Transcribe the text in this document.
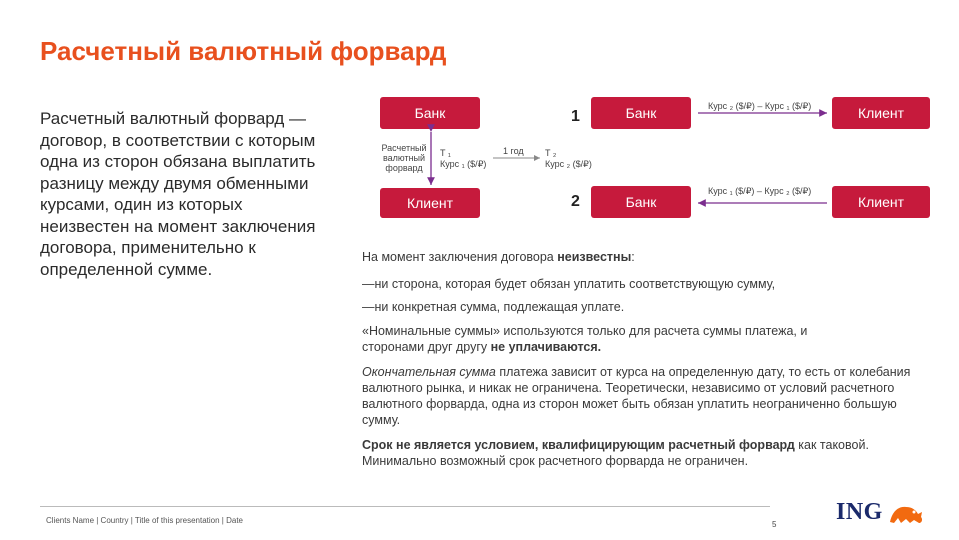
Расчетный валютный форвард
Расчетный валютный форвард — договор, в соответствии с которым одна из сторон обязана выплатить разницу между двумя обменными курсами, один из которых неизвестен на момент заключения договора, применительно к определенной сумме.
Банк
Клиент
Расчетный валютный форвард
T ₁
Курс ₁ ($/₽)
1 год T ₂
Курс ₂ ($/₽)
1
2
Банк
Банк
Клиент
Клиент
Курс ₂ ($/₽) – Курс ₁ ($/₽)
Курс ₁ ($/₽) – Курс ₂ ($/₽)
На момент заключения договора неизвестны:
—ни сторона, которая будет обязан уплатить соответствующую сумму,
—ни конкретная сумма, подлежащая уплате.
«Номинальные суммы» используются только для расчета суммы платежа, и сторонами друг другу не уплачиваются.
Окончательная сумма платежа зависит от курса на определенную дату, то есть от колебания валютного рынка, и никак не ограничена. Теоретически, независимо от условий расчетного валютного форварда, одна из сторон может быть обязан уплатить неограниченно большую сумму.
Срок не является условием, квалифицирующим расчетный форвард как таковой. Минимально возможный срок расчетного форварда не ограничен.
Clients Name | Country | Title of this presentation | Date	5 ING
